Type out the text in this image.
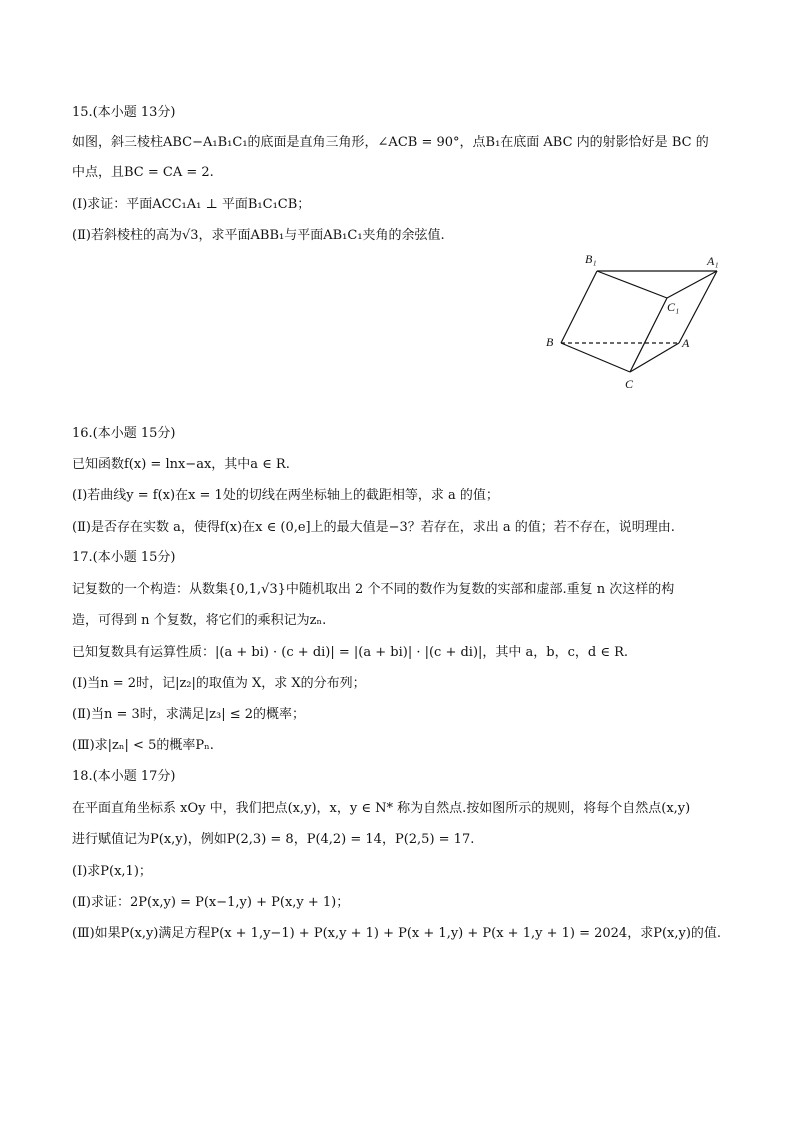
15.(本小题 13分)
如图，斜三棱柱ABC−A₁B₁C₁的底面是直角三角形，∠ACB = 90°，点B₁在底面 ABC 内的射影恰好是 BC 的
中点，且BC = CA = 2.
(Ⅰ)求证：平面ACC₁A₁ ⊥ 平面B₁C₁CB；
(Ⅱ)若斜棱柱的高为√3，求平面ABB₁与平面AB₁C₁夹角的余弦值.
B₁	A₁
C₁
B	A
C
16.(本小题 15分)
已知函数f(x) = lnx−ax，其中a ∈ R.
(Ⅰ)若曲线y = f(x)在x = 1处的切线在两坐标轴上的截距相等，求 a 的值；
(Ⅱ)是否存在实数 a，使得f(x)在x ∈ (0,e]上的最大值是−3？若存在，求出 a 的值；若不存在，说明理由.
17.(本小题 15分)
记复数的一个构造：从数集{0,1,√3}中随机取出 2 个不同的数作为复数的实部和虚部.重复 n 次这样的构
造，可得到 n 个复数，将它们的乘积记为zₙ.
已知复数具有运算性质：|(a + bi) · (c + di)| = |(a + bi)| · |(c + di)|，其中 a，b，c，d ∈ R.
(Ⅰ)当n = 2时，记|z₂|的取值为 X，求 X的分布列；
(Ⅱ)当n = 3时，求满足|z₃| ≤ 2的概率；
(Ⅲ)求|zₙ| < 5的概率Pₙ.
18.(本小题 17分)
在平面直角坐标系 xOy 中，我们把点(x,y)，x，y ∈ N* 称为自然点.按如图所示的规则，将每个自然点(x,y)
进行赋值记为P(x,y)，例如P(2,3) = 8，P(4,2) = 14，P(2,5) = 17.
(Ⅰ)求P(x,1)；
(Ⅱ)求证：2P(x,y) = P(x−1,y) + P(x,y + 1)；
(Ⅲ)如果P(x,y)满足方程P(x + 1,y−1) + P(x,y + 1) + P(x + 1,y) + P(x + 1,y + 1) = 2024，求P(x,y)的值.
